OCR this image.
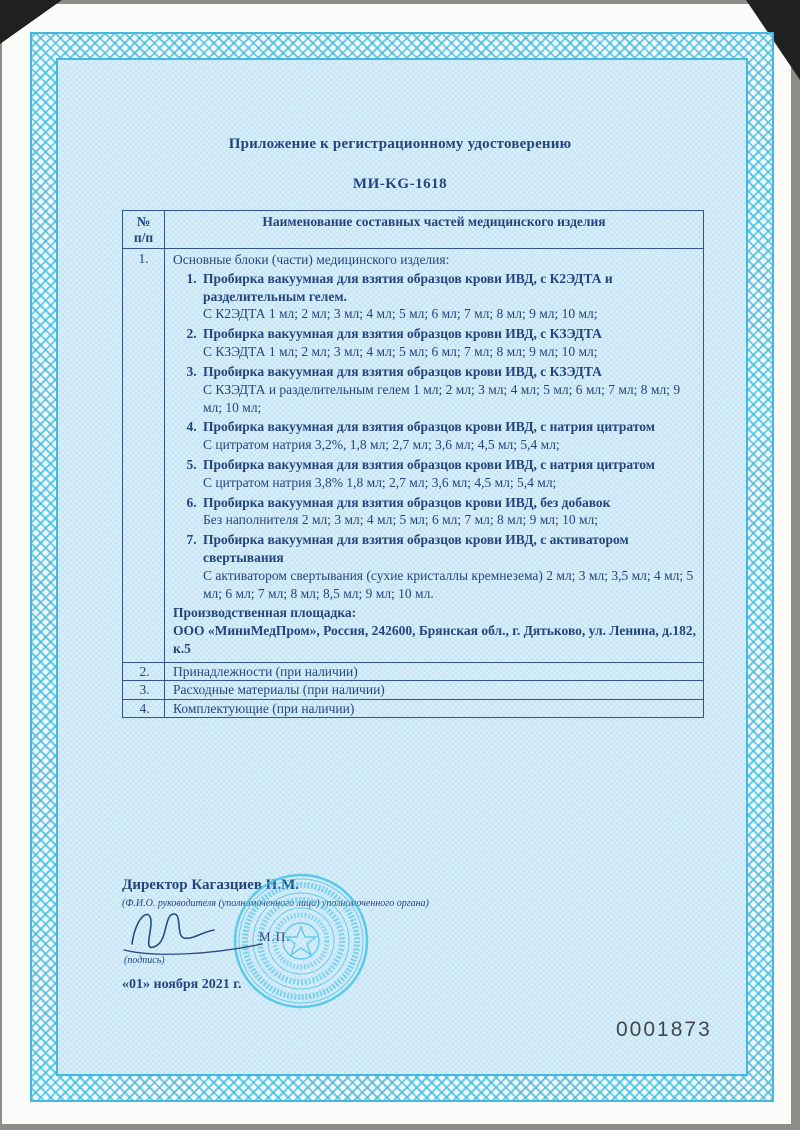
Приложение к регистрационному удостоверению
МИ-KG-1618
№
п/п	Наименование составных частей медицинского изделия
1.	Основные блоки (части) медицинского изделия:
1. Пробирка вакуумная для взятия образцов крови ИВД, с К2ЭДТА и разделительным гелем.
С К2ЭДТА 1 мл; 2 мл; 3 мл; 4 мл; 5 мл; 6 мл; 7 мл; 8 мл; 9 мл; 10 мл;
2. Пробирка вакуумная для взятия образцов крови ИВД, с КЗЭДТА
С КЗЭДТА 1 мл; 2 мл; 3 мл; 4 мл; 5 мл; 6 мл; 7 мл; 8 мл; 9 мл; 10 мл;
3. Пробирка вакуумная для взятия образцов крови ИВД, с КЗЭДТА
С КЗЭДТА и разделительным гелем 1 мл; 2 мл; 3 мл; 4 мл; 5 мл; 6 мл; 7 мл; 8 мл; 9 мл; 10 мл;
4. Пробирка вакуумная для взятия образцов крови ИВД, с натрия цитратом
С цитратом натрия 3,2%, 1,8 мл; 2,7 мл; 3,6 мл; 4,5 мл; 5,4 мл;
5. Пробирка вакуумная для взятия образцов крови ИВД, с натрия цитратом
С цитратом натрия 3,8% 1,8 мл; 2,7 мл; 3,6 мл; 4,5 мл; 5,4 мл;
6. Пробирка вакуумная для взятия образцов крови ИВД, без добавок
Без наполнителя 2 мл; 3 мл; 4 мл; 5 мл; 6 мл; 7 мл; 8 мл; 9 мл; 10 мл;
7. Пробирка вакуумная для взятия образцов крови ИВД, с активатором свертывания
С активатором свертывания (сухие кристаллы кремнезема) 2 мл; 3 мл; 3,5 мл; 4 мл; 5 мл; 6 мл; 7 мл; 8 мл; 8,5 мл; 9 мл; 10 мл.
Производственная площадка:
ООО «МиниМедПром», Россия, 242600, Брянская обл., г. Дятьково, ул. Ленина, д.182, к.5

2.	Принадлежности (при наличии)
3.	Расходные материалы (при наличии)
4.	Комплектующие (при наличии)
Директор Кагазциев Н.М.
(Ф.И.О. руководителя (уполномоченного лица) уполномоченного органа)
М.П.
(подпись)
«01» ноября 2021 г.
0001873
